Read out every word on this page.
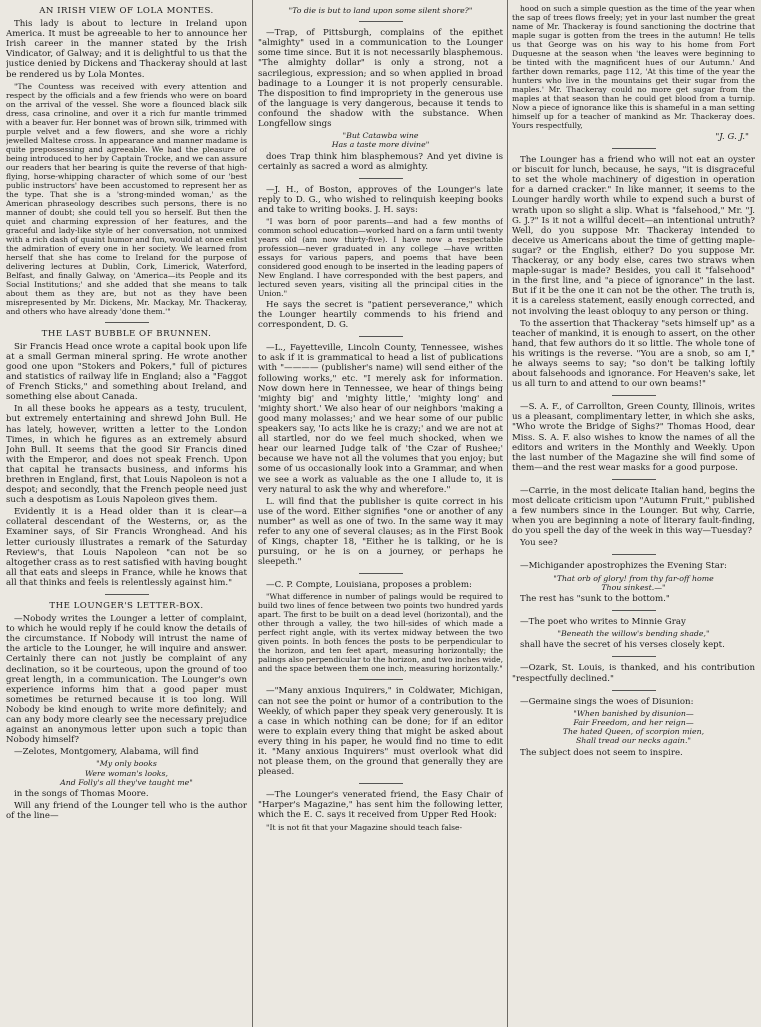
AN IRISH VIEW OF LOLA MONTES.

This lady is about to lecture in Ireland upon America. It must be agreeable to her to announce her Irish career in the manner stated by the Irish Vindicator, of Galway; and it is delightful to us that the justice denied by Dickens and Thackeray should at last be rendered us by Lola Montes.

"The Countess was received with every attention and respect by the officials and a few friends who were on board on the arrival of the vessel. She wore a flounced black silk dress, casa crinoline, and over it a rich fur mantle trimmed with a beaver fur. Her bonnet was of brown silk, trimmed with purple velvet and a few flowers, and she wore a richly jewelled Maltese cross. In appearance and manner madame is quite prepossessing and agreeable. We had the pleasure of being introduced to her by Captain Trocke, and we can assure our readers that her bearing is quite the reverse of that high-flying, horse-whipping character of which some of our 'best public instructors' have been accustomed to represent her as the type. That she is a 'strong-minded woman,' as the American phraseology describes such persons, there is no manner of doubt; she could tell you so herself. But then the quiet and charming expression of her features, and the graceful and lady-like style of her conversation, not unmixed with a rich dash of quaint humor and fun, would at once enlist the admiration of every one in her society. We learned from herself that she has come to Ireland for the purpose of delivering lectures at Dublin, Cork, Limerick, Waterford, Belfast, and finally Galway, on 'America—its People and its Social Institutions;' and she added that she means to talk about them as they are, but not as they have been misrepresented by Mr. Dickens, Mr. Mackay, Mr. Thackeray, and others who have already 'done them.'"

THE LAST BUBBLE OF BRUNNEN.

Sir Francis Head once wrote a capital book upon life at a small German mineral spring. He wrote another good one upon "Stokers and Pokers," full of pictures and statistics of railway life in England; also a "Faggot of French Sticks," and something about Ireland, and something else about Canada.

In all these books he appears as a testy, truculent, but extremely entertaining and shrewd John Bull. He has lately, however, written a letter to the London Times, in which he figures as an extremely absurd John Bull. It seems that the good Sir Francis dined with the Emperor, and does not speak French. Upon that capital he transacts business, and informs his brethren in England, first, that Louis Napoleon is not a despot; and secondly, that the French people need just such a despotism as Louis Napoleon gives them.

Evidently it is a Head older than it is clear—a collateral descendant of the Westerns, or, as the Examiner says, of Sir Francis Wronghead. And his letter curiously illustrates a remark of the Saturday Review's, that Louis Napoleon "can not be so altogether crass as to rest satisfied with having bought all that eats and sleeps in France, while he knows that all that thinks and feels is relentlessly against him."

THE LOUNGER'S LETTER-BOX.

—Nobody writes the Lounger a letter of complaint, to which he would reply if he could know the details of the circumstance. If Nobody will intrust the name of the article to the Lounger, he will inquire and answer. Certainly there can not justly be complaint of any declination, so it be courteous, upon the ground of too great length, in a communication. The Lounger's own experience informs him that a good paper must sometimes be returned because it is too long. Will Nobody be kind enough to write more definitely; and can any body more clearly see the necessary prejudice against an anonymous letter upon such a topic than Nobody himself?

—Zelotes, Montgomery, Alabama, will find

"My only books
Were woman's looks,
And Folly's all they've taught me"

in the songs of Thomas Moore.

Will any friend of the Lounger tell who is the author of the line—

"To die is but to land upon some silent shore?"

—Trap, of Pittsburgh, complains of the epithet "almighty" used in a communication to the Lounger some time since. But it is not necessarily blasphemous. "The almighty dollar" is only a strong, not a sacrilegious, expression; and so when applied in broad badinage to a Lounger it is not properly censurable. The disposition to find impropriety in the generous use of the language is very dangerous, because it tends to confound the shadow with the substance. When Longfellow sings

"But Catawba wine
Has a taste more divine"

does Trap think him blasphemous? And yet divine is certainly as sacred a word as almighty.

—J. H., of Boston, approves of the Lounger's late reply to D. G., who wished to relinquish keeping books and take to writing books. J. H. says:

"I was born of poor parents—and had a few months of common school education—worked hard on a farm until twenty years old (am now thirty-five). I have now a respectable profession—never graduated in any college —have written essays for various papers, and poems that have been considered good enough to be inserted in the leading papers of New England. I have corresponded with the best papers, and lectured seven years, visiting all the principal cities in the Union."

He says the secret is "patient perseverance," which the Lounger heartily commends to his friend and correspondent, D. G.

—L., Fayetteville, Lincoln County, Tennessee, wishes to ask if it is grammatical to head a list of publications with "———— (publisher's name) will send either of the following works," etc. "I merely ask for information. Now down here in Tennessee, we hear of things being 'mighty big' and 'mighty little,' 'mighty long' and 'mighty short.' We also hear of our neighbors 'making a good many molasses;' and we hear some of our public speakers say, 'Io acts like he is crazy;' and we are not at all startled, nor do we feel much shocked, when we hear our learned Judge talk of 'the Czar of Rushee;' because we have not all the volumes that you enjoy; but some of us occasionally look into a Grammar, and when we see a work as valuable as the one I allude to, it is very natural to ask the why and wherefore."

L. will find that the publisher is quite correct in his use of the word. Either signifies "one or another of any number" as well as one of two. In the same way it may refer to any one of several clauses; as in the First Book of Kings, chapter 18, "Either he is talking, or he is pursuing, or he is on a journey, or perhaps he sleepeth."

—C. P. Compte, Louisiana, proposes a problem:

"What difference in number of palings would be required to build two lines of fence between two points two hundred yards apart. The first to be built on a dead level (horizontal), and the other through a valley, the two hill-sides of which made a perfect right angle, with its vertex midway between the two given points. In both fences the posts to be perpendicular to the horizon, and ten feet apart, measuring horizontally; the palings also perpendicular to the horizon, and two inches wide, and the space between them one inch, measuring horizontally."

—"Many anxious Inquirers," in Coldwater, Michigan, can not see the point or humor of a contribution to the Weekly, of which paper they speak very generously. It is a case in which nothing can be done; for if an editor were to explain every thing that might be asked about every thing in his paper, he would find no time to edit it. "Many anxious Inquirers" must overlook what did not please them, on the ground that generally they are pleased.

—The Lounger's venerated friend, the Easy Chair of "Harper's Magazine," has sent him the following letter, which the E. C. says it received from Upper Red Hook:

"It is not fit that your Magazine should teach false-

hood on such a simple question as the time of the year when the sap of trees flows freely; yet in your last number the great name of Mr. Thackeray is found sanctioning the doctrine that maple sugar is gotten from the trees in the autumn! He tells us that George was on his way to his home from Fort Duquesne at the season when 'the leaves were beginning to be tinted with the magnificent hues of our Autumn.' And farther down remarks, page 112, 'At this time of the year the hunters who live in the mountains get their sugar from the maples.' Mr. Thackeray could no more get sugar from the maples at that season than he could get blood from a turnip. Now a piece of ignorance like this is shameful in a man setting himself up for a teacher of mankind as Mr. Thackeray does. Yours respectfully,

"J. G. J."

The Lounger has a friend who will not eat an oyster or biscuit for lunch, because, he says, "it is disgraceful to set the whole machinery of digestion in operation for a darned cracker." In like manner, it seems to the Lounger hardly worth while to expend such a burst of wrath upon so slight a slip. What is "falsehood," Mr. "J. G. J.?" Is it not a willful deceit—an intentional untruth? Well, do you suppose Mr. Thackeray intended to deceive us Americans about the time of getting maple-sugar? or the English, either? Do you suppose Mr. Thackeray, or any body else, cares two straws when maple-sugar is made? Besides, you call it "falsehood" in the first line, and "a piece of ignorance" in the last. But if it be the one it can not be the other. The truth is, it is a careless statement, easily enough corrected, and not involving the least obloquy to any person or thing.

To the assertion that Thackeray "sets himself up" as a teacher of mankind, it is enough to assert, on the other hand, that few authors do it so little. The whole tone of his writings is the reverse. "You are a snob, so am I," he always seems to say; "so don't be talking loftily about falsehoods and ignorance. For Heaven's sake, let us all turn to and attend to our own beams!"

—S. A. F., of Carrollton, Green County, Illinois, writes us a pleasant, complimentary letter, in which she asks, "Who wrote the Bridge of Sighs?" Thomas Hood, dear Miss. S. A. F. also wishes to know the names of all the editors and writers in the Monthly and Weekly. Upon the last number of the Magazine she will find some of them—and the rest wear masks for a good purpose.

—Carrie, in the most delicate Italian hand, begins the most delicate criticism upon "Autumn Fruit," published a few numbers since in the Lounger. But why, Carrie, when you are beginning a note of literary fault-finding, do you spell the day of the week in this way—Tuesday?

You see?

—Michigander apostrophizes the Evening Star:

"That orb of glory! from thy far-off home
Thou sinkest.—"

The rest has "sunk to the bottom."

—The poet who writes to Minnie Gray

"Beneath the willow's bending shade,"

shall have the secret of his verses closely kept.

—Ozark, St. Louis, is thanked, and his contribution "respectfully declined."

—Germaine sings the woes of Disunion:

"When banished by disunion—
Fair Freedom, and her reign—
The hated Queen, of scorpion mien,
Shall tread our necks again."

The subject does not seem to inspire.
